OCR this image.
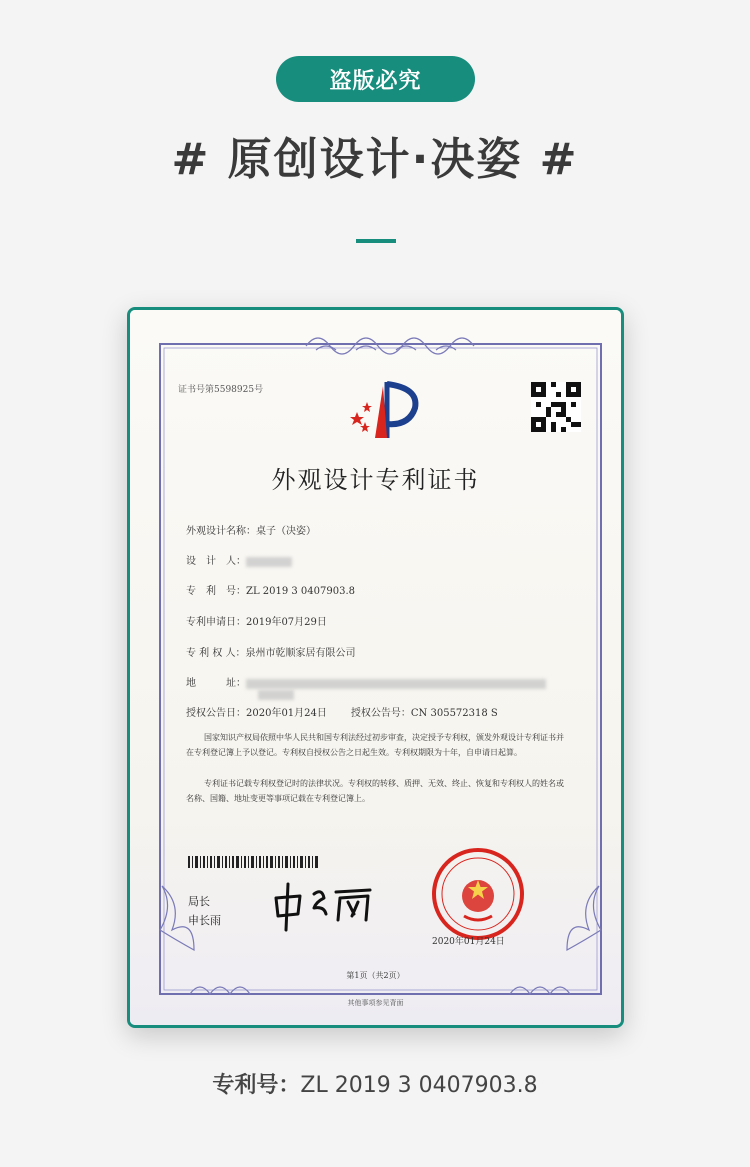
盗版必究
# 原创设计·决姿 #
证书号第5598925号
外观设计专利证书
外观设计名称：桌子（决姿）
设　计　人：
专　利　号：ZL 2019 3 0407903.8
专利申请日：2019年07月29日
专 利 权 人：泉州市乾顺家居有限公司
地　　　址：
授权公告日：2020年01月24日 授权公告号：CN 305572318 S
国家知识产权局依照中华人民共和国专利法经过初步审查，决定授予专利权，颁发外观设计专利证书并在专利登记簿上予以登记。专利权自授权公告之日起生效。专利权期限为十年，自申请日起算。
专利证书记载专利权登记时的法律状况。专利权的转移、质押、无效、终止、恢复和专利权人的姓名或名称、国籍、地址变更等事项记载在专利登记簿上。
局长
申长雨
2020年01月24日
第1页（共2页）
其他事项参见背面
专利号：ZL 2019 3 0407903.8
